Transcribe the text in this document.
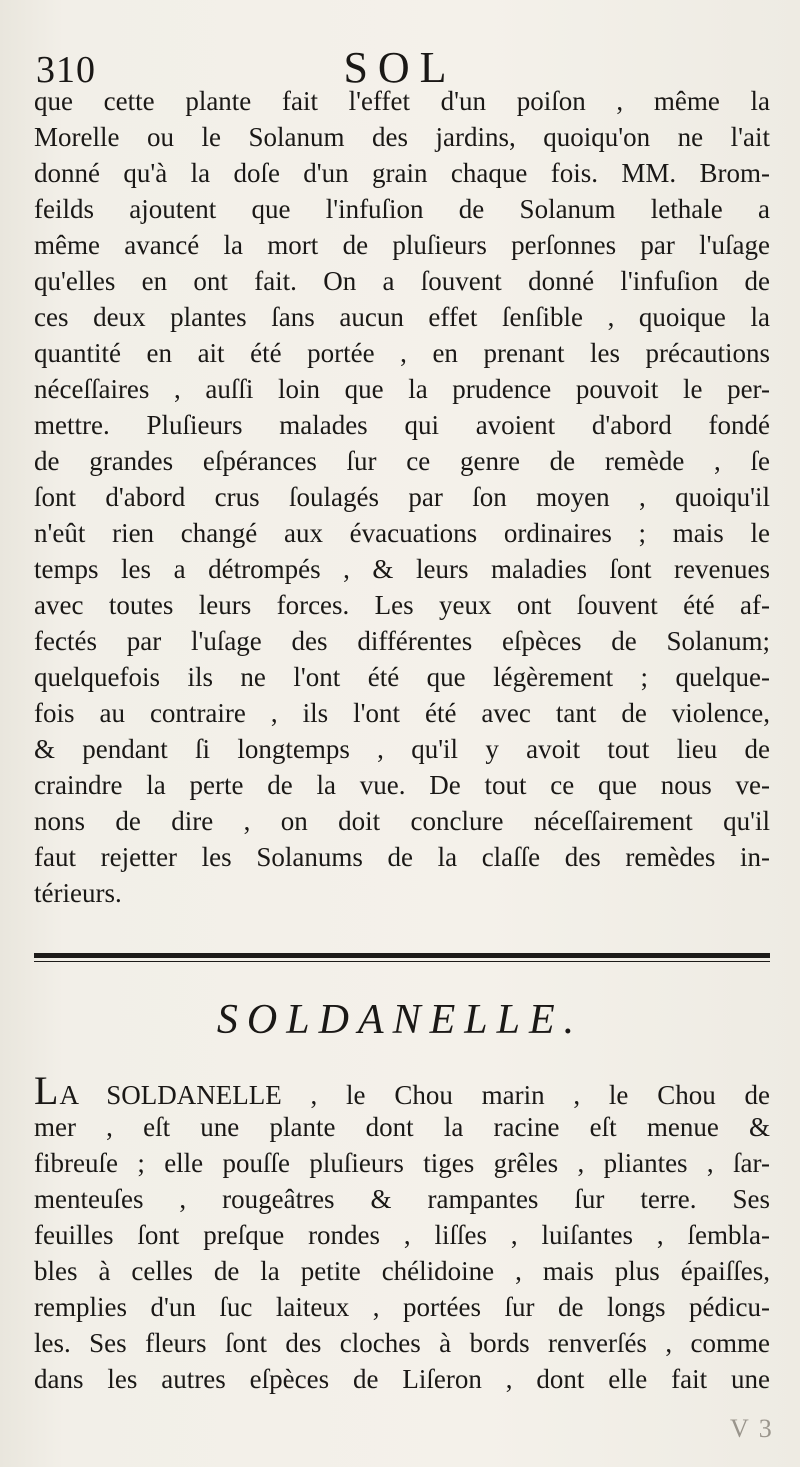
310	SOL
que cette plante fait l'effet d'un poiſon , même la
Morelle ou le Solanum des jardins, quoiqu'on ne l'ait
donné qu'à la doſe d'un grain chaque fois. MM. Brom-
feilds ajoutent que l'infuſion de Solanum lethale a
même avancé la mort de pluſieurs perſonnes par l'uſage
qu'elles en ont fait. On a ſouvent donné l'infuſion de
ces deux plantes ſans aucun effet ſenſible , quoique la
quantité en ait été portée , en prenant les précautions
néceſſaires , auſſi loin que la prudence pouvoit le per-
mettre. Pluſieurs malades qui avoient d'abord fondé
de grandes eſpérances ſur ce genre de remède , ſe
ſont d'abord crus ſoulagés par ſon moyen , quoiqu'il
n'eût rien changé aux évacuations ordinaires ; mais le
temps les a détrompés , & leurs maladies ſont revenues
avec toutes leurs forces. Les yeux ont ſouvent été af-
fectés par l'uſage des différentes eſpèces de Solanum;
quelquefois ils ne l'ont été que légèrement ; quelque-
fois au contraire , ils l'ont été avec tant de violence,
& pendant ſi longtemps , qu'il y avoit tout lieu de
craindre la perte de la vue. De tout ce que nous ve-
nons de dire , on doit conclure néceſſairement qu'il
faut rejetter les Solanums de la claſſe des remèdes in-
térieurs.
SOLDANELLE.
LA SOLDANELLE , le Chou marin , le Chou de
mer , eſt une plante dont la racine eſt menue &
fibreuſe ; elle pouſſe pluſieurs tiges grêles , pliantes , ſar-
menteuſes , rougeâtres & rampantes ſur terre. Ses
feuilles ſont preſque rondes , liſſes , luiſantes , ſembla-
bles à celles de la petite chélidoine , mais plus épaiſſes,
remplies d'un ſuc laiteux , portées ſur de longs pédicu-
les. Ses fleurs ſont des cloches à bords renverſés , comme
dans les autres eſpèces de Liſeron , dont elle fait une
V 3
